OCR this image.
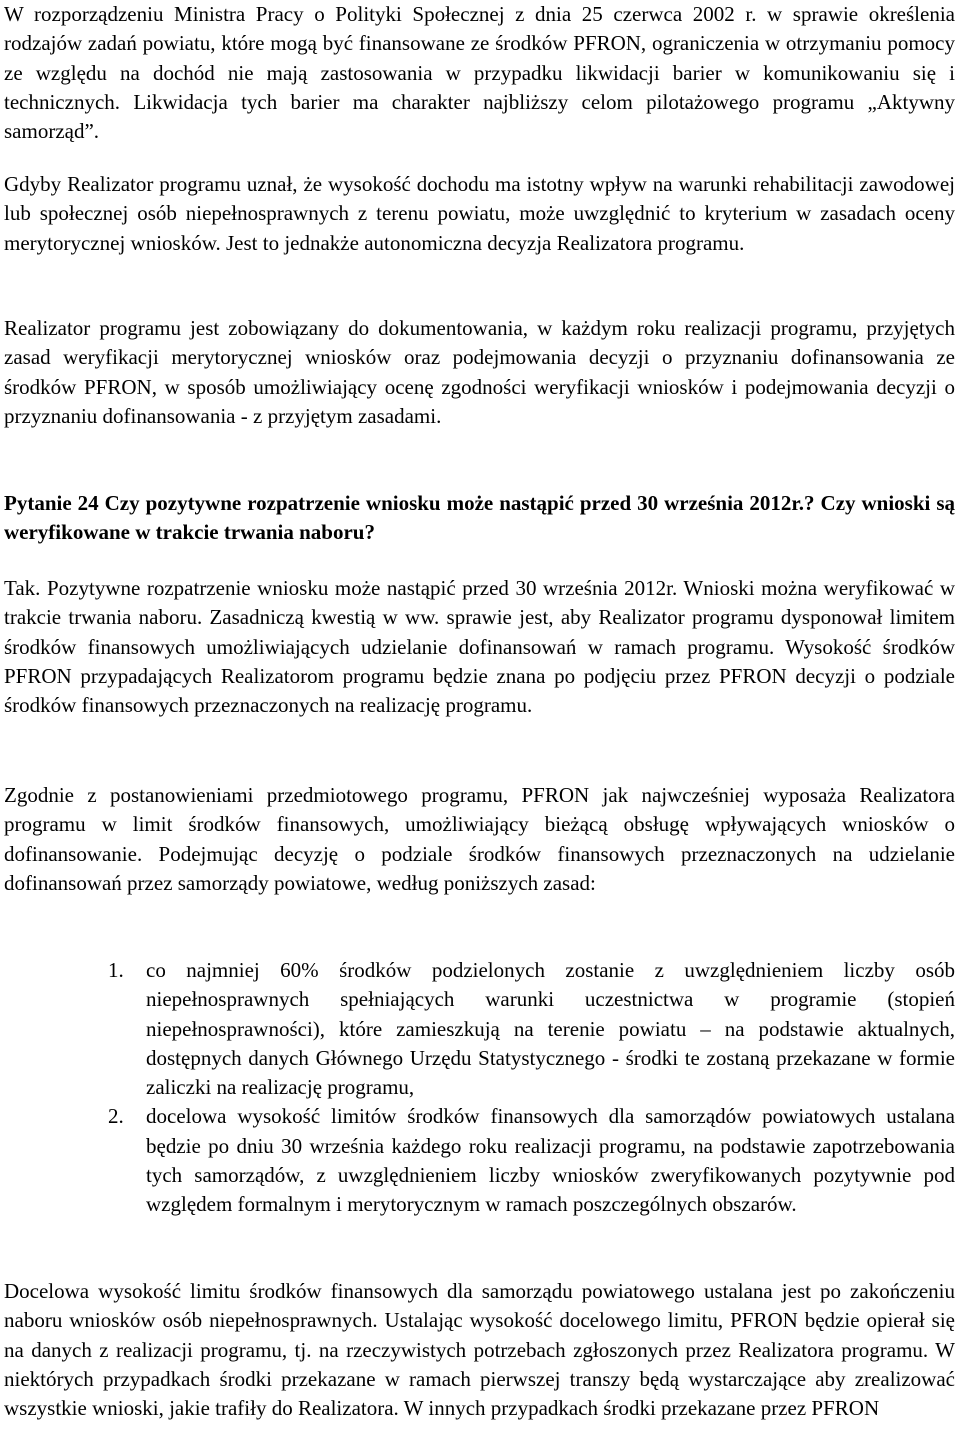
W rozporządzeniu Ministra Pracy o Polityki Społecznej z dnia 25 czerwca 2002 r. w sprawie określenia rodzajów zadań powiatu, które mogą być finansowane ze środków PFRON, ograniczenia w otrzymaniu pomocy ze względu na dochód nie mają zastosowania w przypadku likwidacji barier w komunikowaniu się i technicznych. Likwidacja tych barier ma charakter najbliższy celom pilotażowego programu „Aktywny samorząd”.

Gdyby Realizator programu uznał, że wysokość dochodu ma istotny wpływ na warunki rehabilitacji zawodowej lub społecznej osób niepełnosprawnych z terenu powiatu, może uwzględnić to kryterium w zasadach oceny merytorycznej wniosków. Jest to jednakże autonomiczna decyzja Realizatora programu.

Realizator programu jest zobowiązany do dokumentowania, w każdym roku realizacji programu, przyjętych zasad weryfikacji merytorycznej wniosków oraz podejmowania decyzji o przyznaniu dofinansowania ze środków PFRON, w sposób umożliwiający ocenę zgodności weryfikacji wniosków i podejmowania decyzji o przyznaniu dofinansowania - z przyjętym zasadami.

Pytanie 24 Czy pozytywne rozpatrzenie wniosku może nastąpić przed 30 września 2012r.? Czy wnioski są weryfikowane w trakcie trwania naboru?

Tak. Pozytywne rozpatrzenie wniosku może nastąpić przed 30 września 2012r. Wnioski można weryfikować w trakcie trwania naboru. Zasadniczą kwestią w ww. sprawie jest, aby Realizator programu dysponował limitem środków finansowych umożliwiających udzielanie dofinansowań w ramach programu. Wysokość środków PFRON przypadających Realizatorom programu będzie znana po podjęciu przez PFRON decyzji o podziale środków finansowych przeznaczonych na realizację programu.

Zgodnie z postanowieniami przedmiotowego programu, PFRON jak najwcześniej wyposaża Realizatora programu w limit środków finansowych, umożliwiający bieżącą obsługę wpływających wniosków o dofinansowanie. Podejmując decyzję o podziale środków finansowych przeznaczonych na udzielanie dofinansowań przez samorządy powiatowe, według poniższych zasad:

1. co najmniej 60% środków podzielonych zostanie z uwzględnieniem liczby osób niepełnosprawnych spełniających warunki uczestnictwa w programie (stopień niepełnosprawności), które zamieszkują na terenie powiatu – na podstawie aktualnych, dostępnych danych Głównego Urzędu Statystycznego - środki te zostaną przekazane w formie zaliczki na realizację programu,
2. docelowa wysokość limitów środków finansowych dla samorządów powiatowych ustalana będzie po dniu 30 września każdego roku realizacji programu, na podstawie zapotrzebowania tych samorządów, z uwzględnieniem liczby wniosków zweryfikowanych pozytywnie pod względem formalnym i merytorycznym w ramach poszczególnych obszarów.

Docelowa wysokość limitu środków finansowych dla samorządu powiatowego ustalana jest po zakończeniu naboru wniosków osób niepełnosprawnych. Ustalając wysokość docelowego limitu, PFRON będzie opierał się na danych z realizacji programu, tj. na rzeczywistych potrzebach zgłoszonych przez Realizatora programu. W niektórych przypadkach środki przekazane w ramach pierwszej transzy będą wystarczające aby zrealizować wszystkie wnioski, jakie trafiły do Realizatora. W innych przypadkach środki przekazane przez PFRON
